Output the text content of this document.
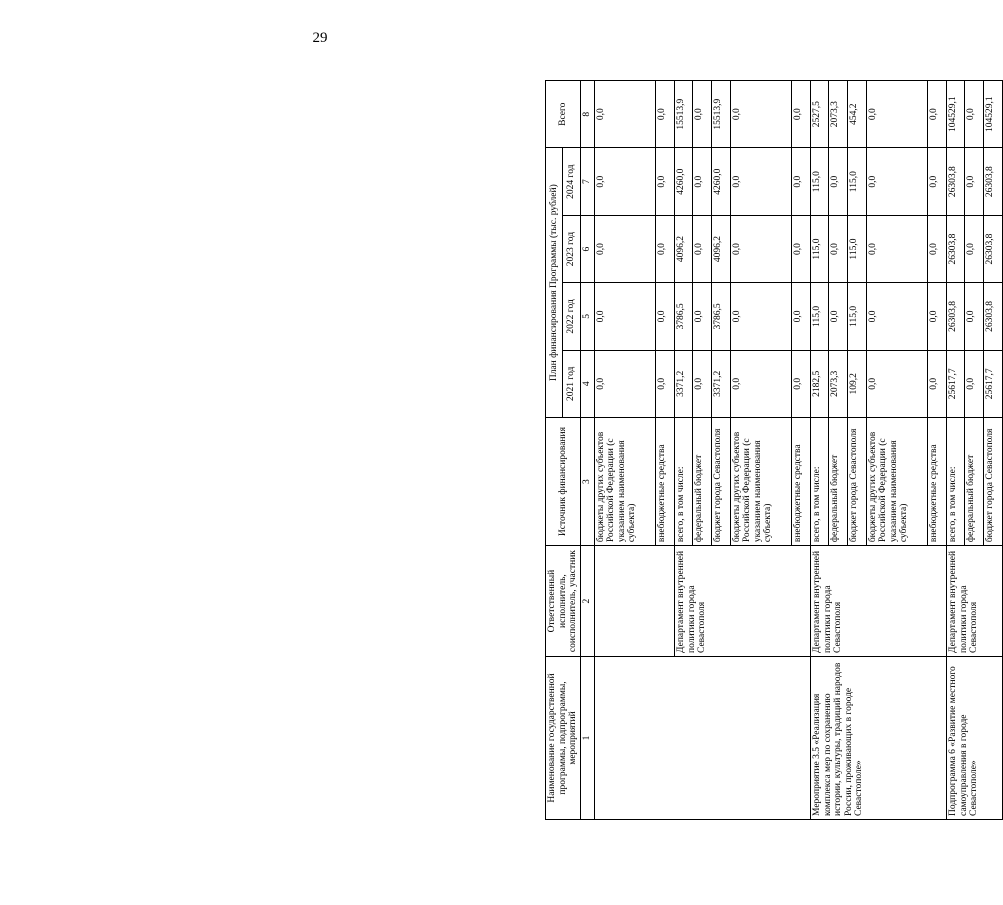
29
Наименование государственной программы, подпрограммы, мероприятий	Ответственный исполнитель, соисполнитель, участник	Источник финансирования	План финансирования Программы (тыс. рублей)				Всего
			2021 год	2022 год	2023 год	2024 год	
1	2	3	4	5	6	7	8
		бюджеты других субъектов Российской Федерации (с указанием наименования субъекта)	0,0	0,0	0,0	0,0	0,0
		внебюджетные средства	0,0	0,0	0,0	0,0	0,0
	Департамент внутренней политики города Севастополя	всего, в том числе:	3371,2	3786,5	4096,2	4260,0	15513,9
		федеральный бюджет	0,0	0,0	0,0	0,0	0,0
		бюджет города Севастополя	3371,2	3786,5	4096,2	4260,0	15513,9
		бюджеты других субъектов Российской Федерации (с указанием наименования субъекта)	0,0	0,0	0,0	0,0	0,0
		внебюджетные средства	0,0	0,0	0,0	0,0	0,0
Мероприятие 3.5 «Реализация комплекса мер по сохранению истории, культуры, традиций народов России, проживающих в городе Севастополе»	Департамент внутренней политики города Севастополя	всего, в том числе:	2182,5	115,0	115,0	115,0	2527,5
		федеральный бюджет	2073,3	0,0	0,0	0,0	2073,3
		бюджет города Севастополя	109,2	115,0	115,0	115,0	454,2
		бюджеты других субъектов Российской Федерации (с указанием наименования субъекта)	0,0	0,0	0,0	0,0	0,0
		внебюджетные средства	0,0	0,0	0,0	0,0	0,0
Подпрограмма 6 «Развитие местного самоуправления в городе Севастополе»	Департамент внутренней политики города Севастополя	всего, в том числе:	25617,7	26303,8	26303,8	26303,8	104529,1
		федеральный бюджет	0,0	0,0	0,0	0,0	0,0
		бюджет города Севастополя	25617,7	26303,8	26303,8	26303,8	104529,1
